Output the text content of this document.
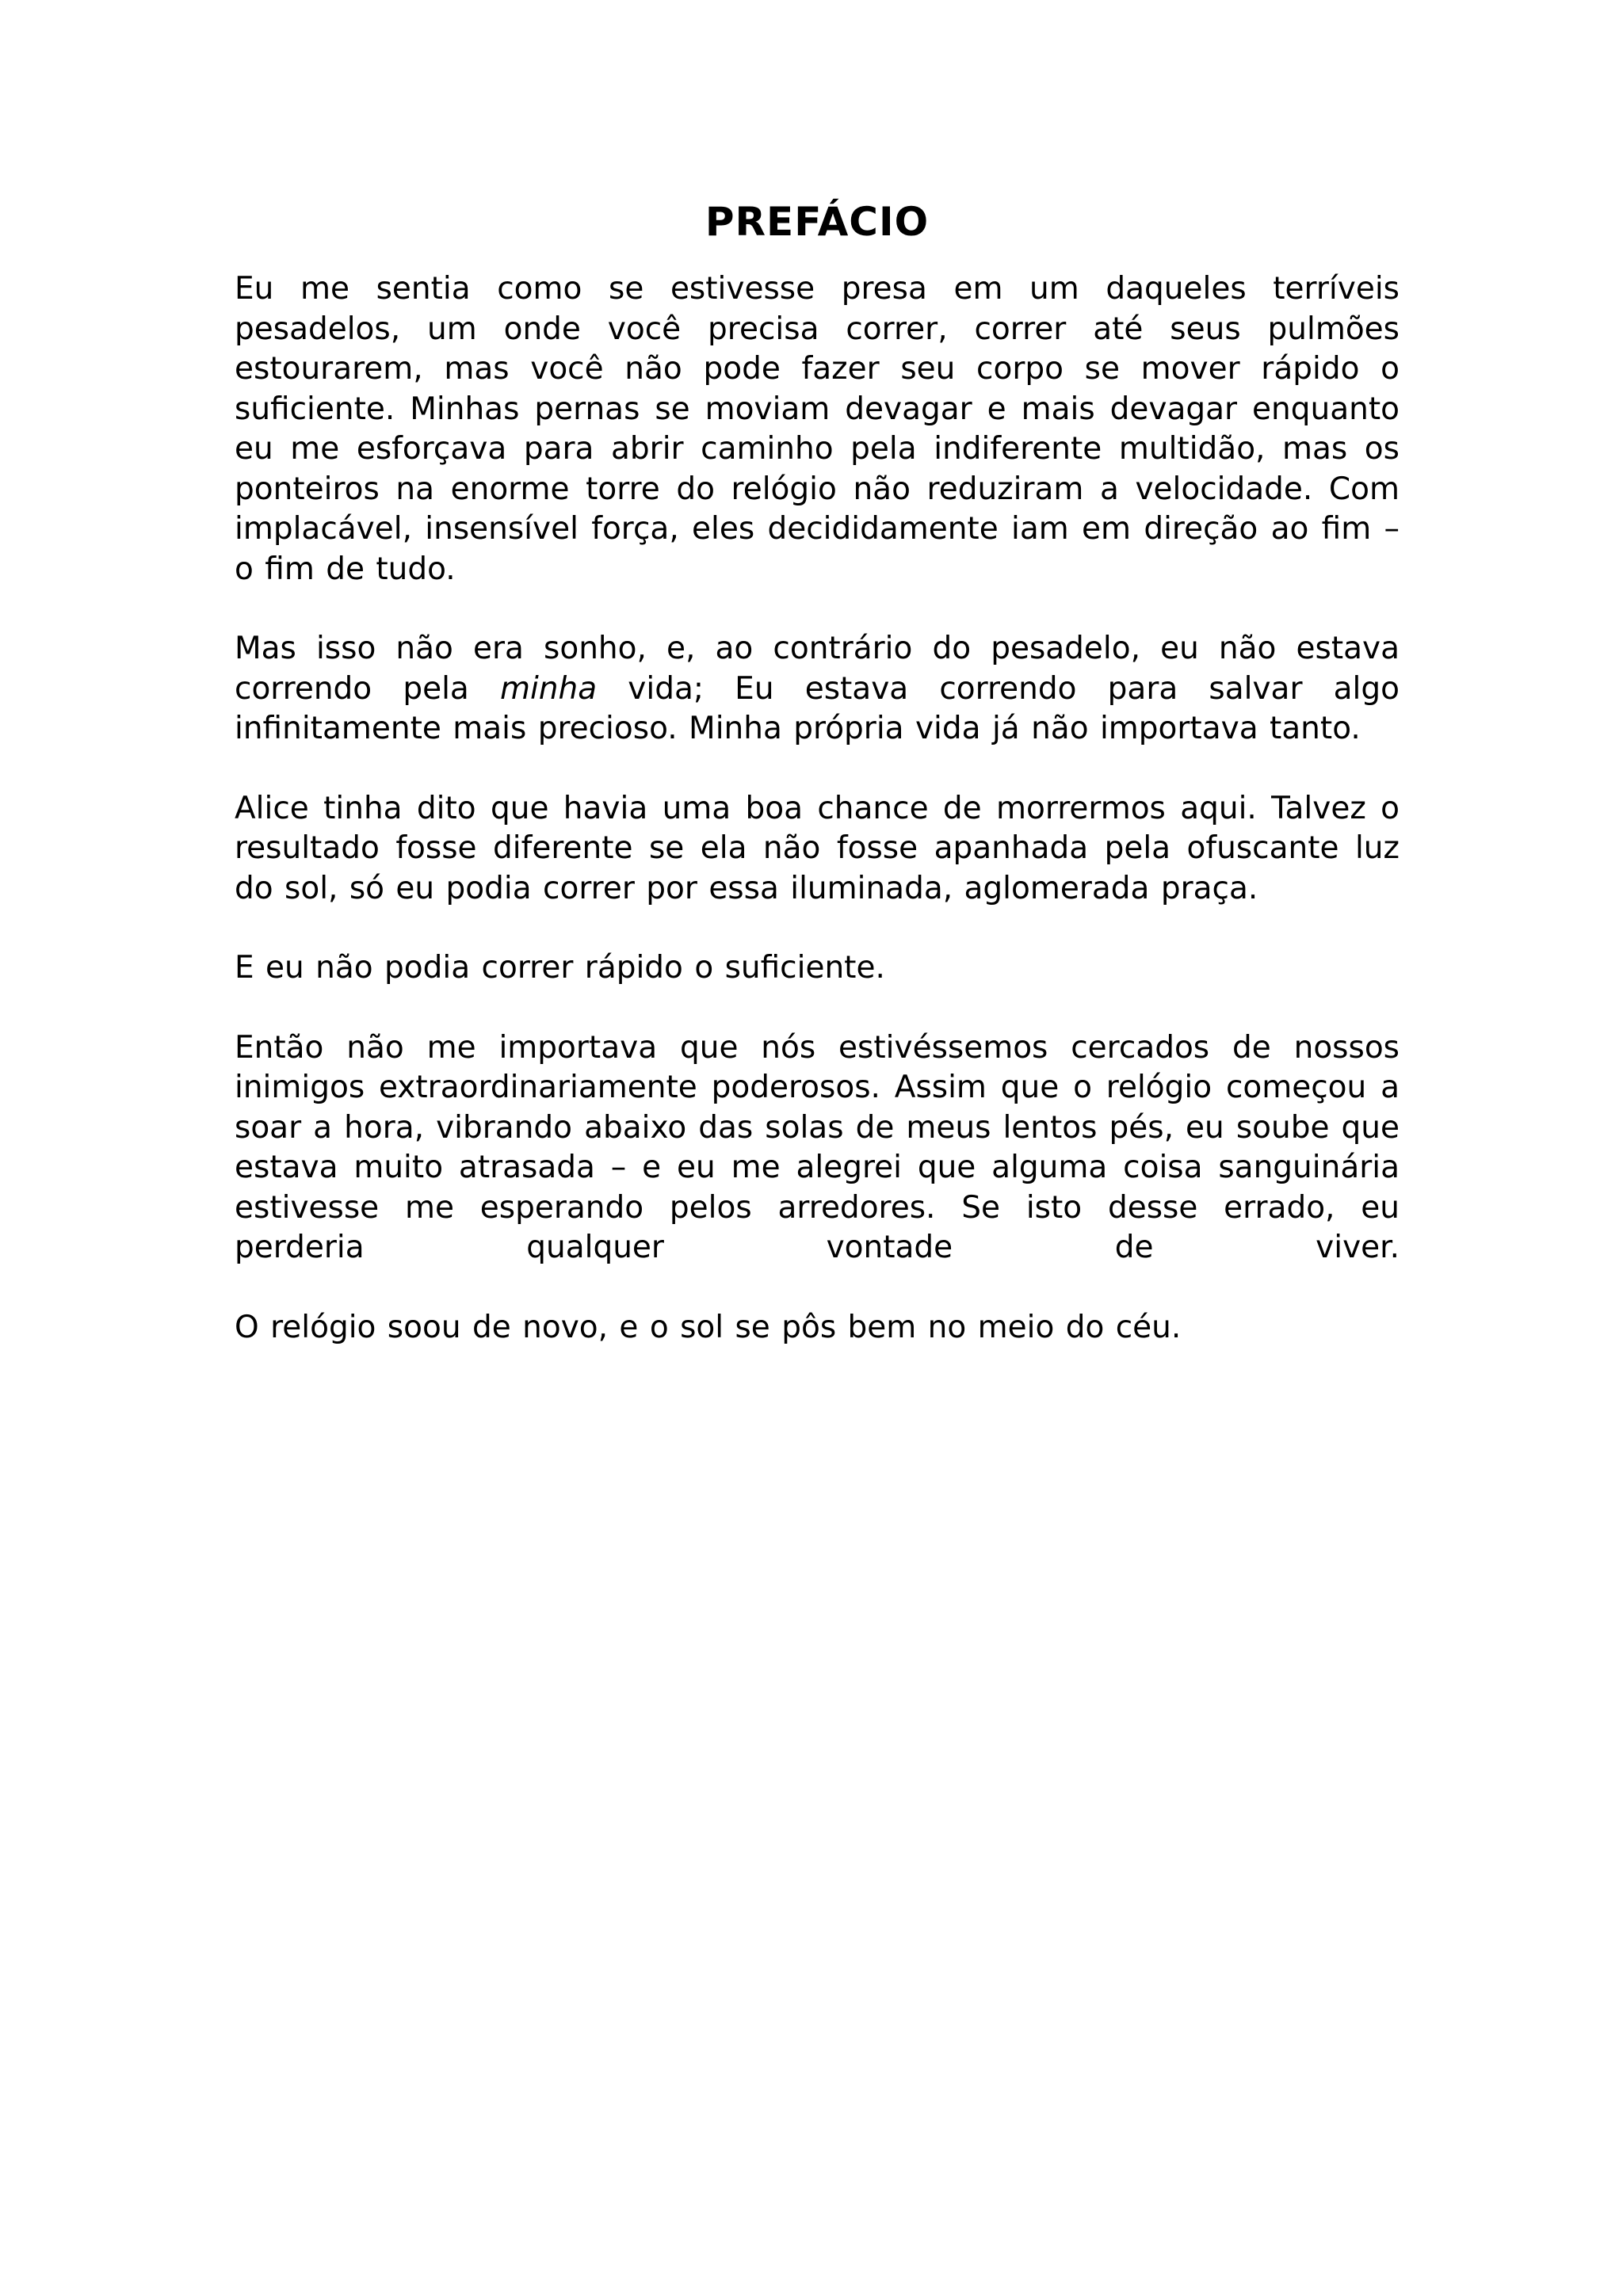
PREFÁCIO

Eu me sentia como se estivesse presa em um daqueles terríveis pesadelos, um onde você precisa correr, correr até seus pulmões estourarem, mas você não pode fazer seu corpo se mover rápido o suficiente. Minhas pernas se moviam devagar e mais devagar enquanto eu me esforçava para abrir caminho pela indiferente multidão, mas os ponteiros na enorme torre do relógio não reduziram a velocidade. Com implacável, insensível força, eles decididamente iam em direção ao fim – o fim de tudo.

Mas isso não era sonho, e, ao contrário do pesadelo, eu não estava correndo pela minha vida; Eu estava correndo para salvar algo infinitamente mais precioso. Minha própria vida já não importava tanto.

Alice tinha dito que havia uma boa chance de morrermos aqui. Talvez o resultado fosse diferente se ela não fosse apanhada pela ofuscante luz do sol, só eu podia correr por essa iluminada, aglomerada praça.

E eu não podia correr rápido o suficiente.

Então não me importava que nós estivéssemos cercados de nossos inimigos extraordinariamente poderosos. Assim que o relógio começou a soar a hora, vibrando abaixo das solas de meus lentos pés, eu soube que estava muito atrasada – e eu me alegrei que alguma coisa sanguinária estivesse me esperando pelos arredores. Se isto desse errado, eu perderia qualquer vontade de viver.

O relógio soou de novo, e o sol se pôs bem no meio do céu.
